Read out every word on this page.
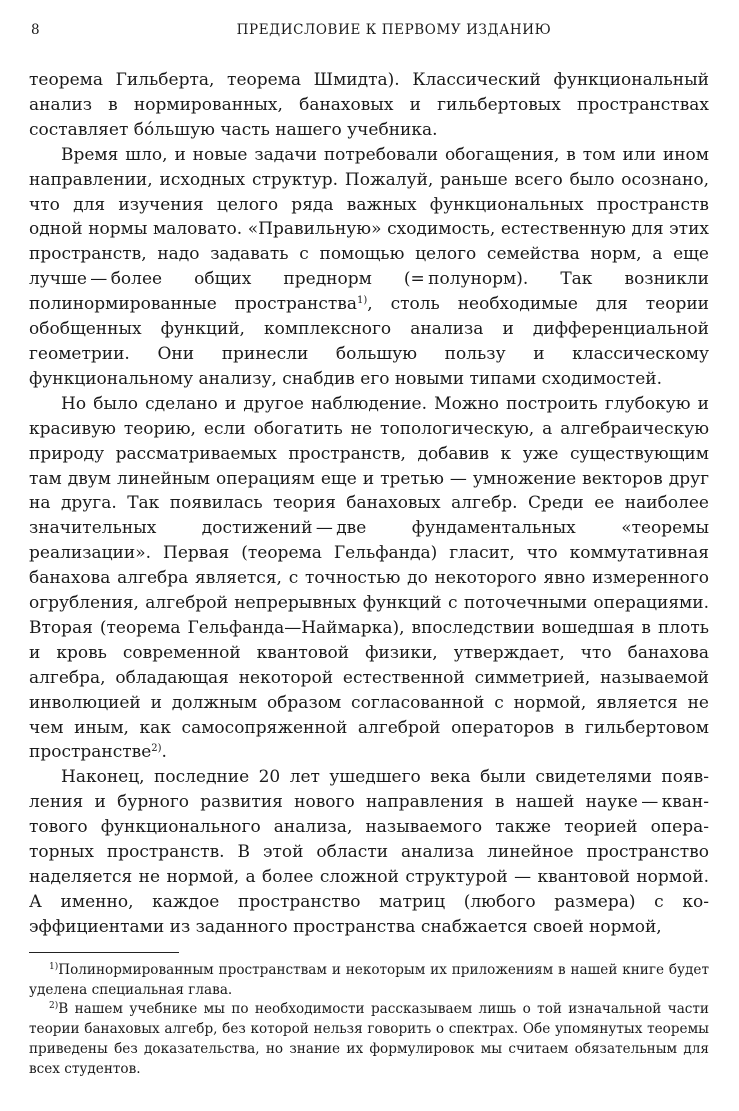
8	ПРЕДИСЛОВИЕ К ПЕРВОМУ ИЗДАНИЮ

теорема Гильберта, теорема Шмидта). Классический функциональный анализ в нормированных, банаховых и гильбертовых пространствах составляет бóльшую часть нашего учебника.

Время шло, и новые задачи потребовали обогащения, в том или ином направлении, исходных структур. Пожалуй, раньше всего было осознано, что для изучения целого ряда важных функциональных пространств одной нормы маловато. «Правильную» сходимость, естественную для этих пространств, надо задавать с помощью целого семейства норм, а еще лучше — более общих преднорм (= полунорм). Так возникли полинормированные пространства$^{1)}$, столь необходимые для теории обобщенных функций, комплексного анализа и дифференциальной геометрии. Они принесли большую пользу и классическому функциональному анализу, снабдив его новыми типами сходимостей.

Но было сделано и другое наблюдение. Можно построить глубокую и красивую теорию, если обогатить не топологическую, а алгебраическую природу рассматриваемых пространств, добавив к уже существующим там двум линейным операциям еще и третью — умножение векторов друг на друга. Так появилась теория банаховых алгебр. Среди ее наиболее значительных достижений — две фундаментальных «теоремы реализации». Первая (теорема Гельфанда) гласит, что коммутативная банахова алгебра является, с точностью до некоторого явно измеренного огрубления, алгеброй непрерывных функций с поточечными операциями. Вторая (теорема Гельфанда—Наймарка), впоследствии вошедшая в плоть и кровь современной квантовой физики, утверждает, что банахова алгебра, обладающая некоторой естественной симметрией, называемой инволюцией и должным образом согласованной с нормой, является не чем иным, как самосопряженной алгеброй операторов в гильбертовом пространстве$^{2)}$.

Наконец, последние 20 лет ушедшего века были свидетелями появления и бурного развития нового направления в нашей науке — квантового функционального анализа, называемого также теорией операторных пространств. В этой области анализа линейное пространство наделяется не нормой, а более сложной структурой — квантовой нормой. А именно, каждое пространство матриц (любого размера) с коэффициентами из заданного пространства снабжается своей нормой,

$^{1)}$Полинормированным пространствам и некоторым их приложениям в нашей книге будет уделена специальная глава.

$^{2)}$В нашем учебнике мы по необходимости рассказываем лишь о той изначальной части теории банаховых алгебр, без которой нельзя говорить о спектрах. Обе упомянутых теоремы приведены без доказательства, но знание их формулировок мы считаем обязательным для всех студентов.
